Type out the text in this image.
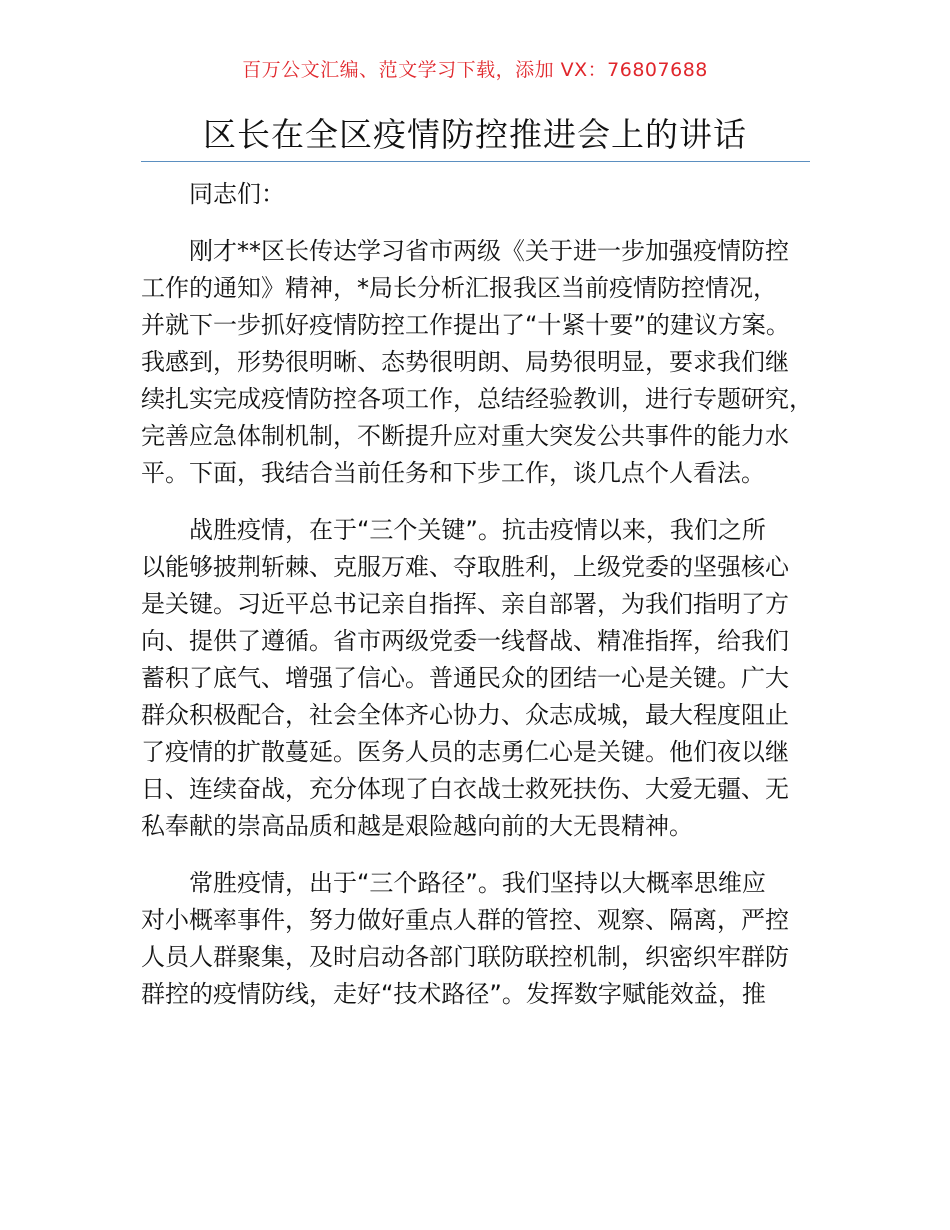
百万公文汇编、范文学习下载，添加 VX：76807688
区长在全区疫情防控推进会上的讲话

同志们：

刚才**区长传达学习省市两级《关于进一步加强疫情防控
工作的通知》精神，*局长分析汇报我区当前疫情防控情况，
并就下一步抓好疫情防控工作提出了“十紧十要”的建议方案。
我感到，形势很明晰、态势很明朗、局势很明显，要求我们继
续扎实完成疫情防控各项工作，总结经验教训，进行专题研究，
完善应急体制机制，不断提升应对重大突发公共事件的能力水
平。下面，我结合当前任务和下步工作，谈几点个人看法。

战胜疫情，在于“三个关键”。抗击疫情以来，我们之所
以能够披荆斩棘、克服万难、夺取胜利，上级党委的坚强核心
是关键。习近平总书记亲自指挥、亲自部署，为我们指明了方
向、提供了遵循。省市两级党委一线督战、精准指挥，给我们
蓄积了底气、增强了信心。普通民众的团结一心是关键。广大
群众积极配合，社会全体齐心协力、众志成城，最大程度阻止
了疫情的扩散蔓延。医务人员的志勇仁心是关键。他们夜以继
日、连续奋战，充分体现了白衣战士救死扶伤、大爱无疆、无
私奉献的崇高品质和越是艰险越向前的大无畏精神。

常胜疫情，出于“三个路径”。我们坚持以大概率思维应
对小概率事件，努力做好重点人群的管控、观察、隔离，严控
人员人群聚集，及时启动各部门联防联控机制，织密织牢群防
群控的疫情防线，走好“技术路径”。发挥数字赋能效益，推
